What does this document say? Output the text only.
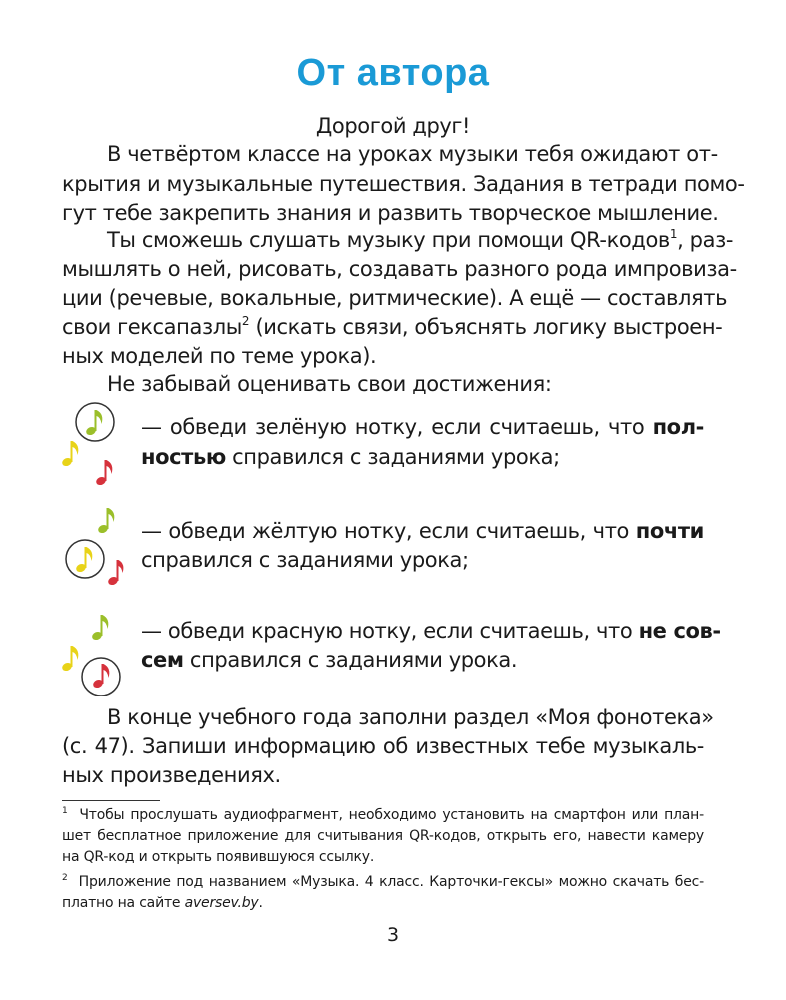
От автора
Дорогой друг!
В четвёртом классе на уроках музыки тебя ожидают от-
крытия и музыкальные путешествия. Задания в тетради помо-
гут тебе закрепить знания и развить творческое мышление.
Ты сможешь слушать музыку при помощи QR-кодов$^1$, раз-
мышлять о ней, рисовать, создавать разного рода импровиза-
ции (речевые, вокальные, ритмические). А ещё — составлять
свои гексапазлы$^2$ (искать связи, объяснять логику выстроен-
ных моделей по теме урока).
Не забывай оценивать свои достижения:
— обведи зелёную нотку, если считаешь, что пол-
ностью справился с заданиями урока;
— обведи жёлтую нотку, если считаешь, что почти
справился с заданиями урока;
— обведи красную нотку, если считаешь, что не сов-
сем справился с заданиями урока.
В конце учебного года заполни раздел «Моя фонотека»
(с. 47). Запиши информацию об известных тебе музыкаль-
ных произведениях.
$^1$ Чтобы прослушать аудиофрагмент, необходимо установить на смартфон или план-
шет бесплатное приложение для считывания QR-кодов, открыть его, навести камеру
на QR-код и открыть появившуюся ссылку.
$^2$ Приложение под названием «Музыка. 4 класс. Карточки-гексы» можно скачать бес-
платно на сайте aversev.by.
3
